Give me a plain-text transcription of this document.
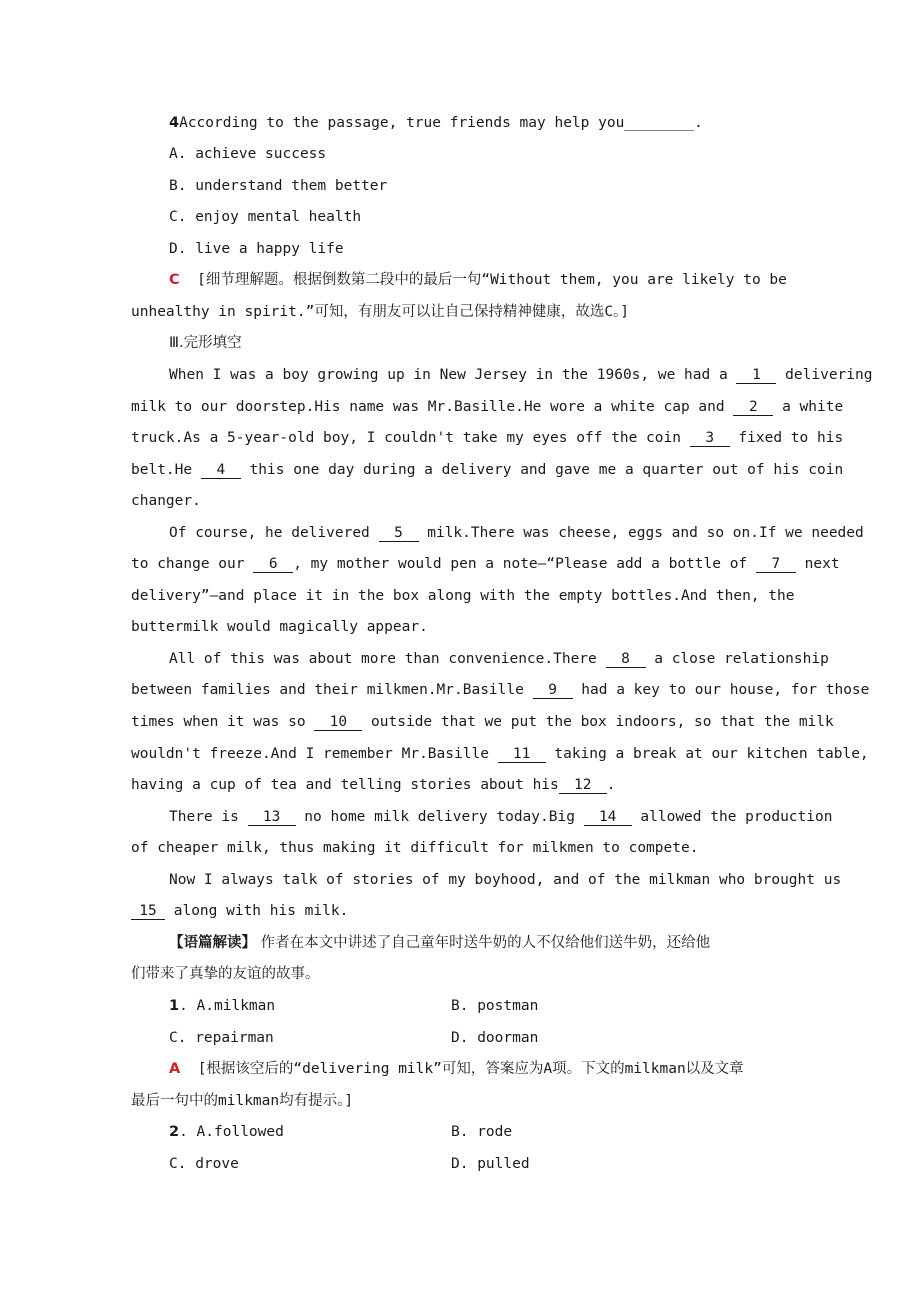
4According to the passage, true friends may help you________.
A. achieve success
B. understand them better
C. enjoy mental health
D. live a happy life
C [细节理解题。根据倒数第二段中的最后一句“Without them, you are likely to be
unhealthy in spirit.”可知，有朋友可以让自己保持精神健康，故选C。]
Ⅲ.完形填空
When I was a boy growing up in New Jersey in the 1960s, we had a 1 delivering
milk to our doorstep.His name was Mr.Basille.He wore a white cap and 2 a white
truck.As a 5-year-old boy, I couldn't take my eyes off the coin 3 fixed to his
belt.He 4 this one day during a delivery and gave me a quarter out of his coin
changer.
Of course, he delivered 5 milk.There was cheese, eggs and so on.If we needed
to change our 6 , my mother would pen a note—“Please add a bottle of 7 next
delivery”—and place it in the box along with the empty bottles.And then, the
buttermilk would magically appear.
All of this was about more than convenience.There 8 a close relationship
between families and their milkmen.Mr.Basille 9 had a key to our house, for those
times when it was so 10 outside that we put the box indoors, so that the milk
wouldn't freeze.And I remember Mr.Basille 11 taking a break at our kitchen table,
having a cup of tea and telling stories about his 12 .
There is 13 no home milk delivery today.Big 14 allowed the production
of cheaper milk, thus making it difficult for milkmen to compete.
Now I always talk of stories of my boyhood, and of the milkman who brought us
15 along with his milk.
【语篇解读】 作者在本文中讲述了自己童年时送牛奶的人不仅给他们送牛奶，还给他
们带来了真挚的友谊的故事。
1. A.milkman	B. postman
C. repairman	D. doorman
A [根据该空后的“delivering milk”可知，答案应为A项。下文的milkman以及文章
最后一句中的milkman均有提示。]
2. A.followed	B. rode
C. drove	D. pulled
